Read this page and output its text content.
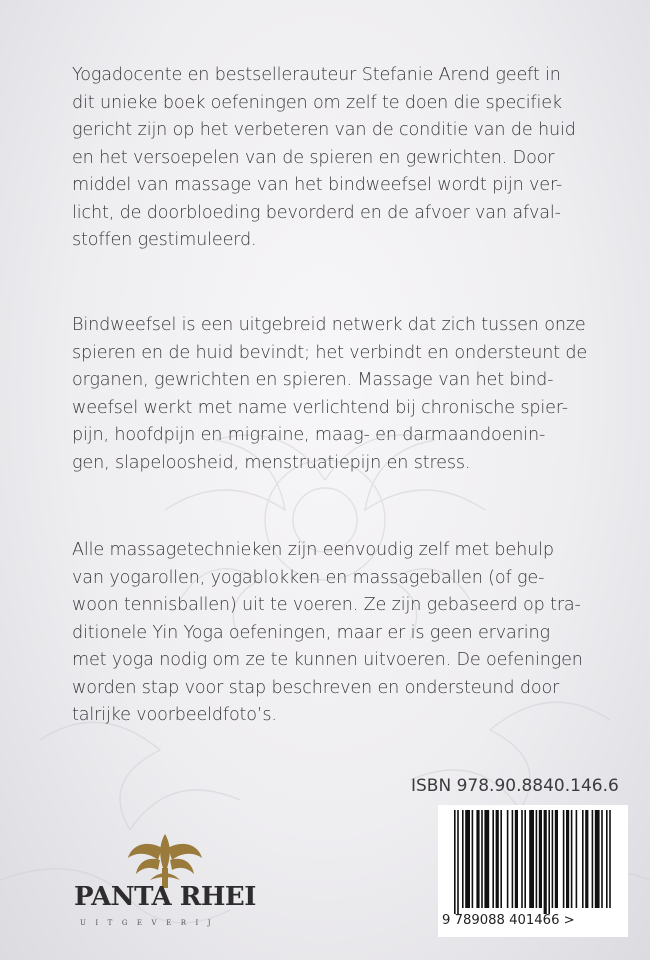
Yogadocente en bestsellerauteur Stefanie Arend geeft in
dit unieke boek oefeningen om zelf te doen die specifiek
gericht zijn op het verbeteren van de conditie van de huid
en het versoepelen van de spieren en gewrichten. Door
middel van massage van het bindweefsel wordt pijn ver-
licht, de doorbloeding bevorderd en de afvoer van afval-
stoffen gestimuleerd.

Bindweefsel is een uitgebreid netwerk dat zich tussen onze
spieren en de huid bevindt; het verbindt en ondersteunt de
organen, gewrichten en spieren. Massage van het bind-
weefsel werkt met name verlichtend bij chronische spier-
pijn, hoofdpijn en migraine, maag- en darmaandoenin-
gen, slapeloosheid, menstruatiepijn en stress.

Alle massagetechnieken zijn eenvoudig zelf met behulp
van yogarollen, yogablokken en massageballen (of ge-
woon tennisballen) uit te voeren. Ze zijn gebaseerd op tra-
ditionele Yin Yoga oefeningen, maar er is geen ervaring
met yoga nodig om ze te kunnen uitvoeren. De oefeningen
worden stap voor stap beschreven en ondersteund door
talrijke voorbeeldfoto’s.

ISBN 978.90.8840.146.6
9 789088 401466 >
PANTA RHEI
UITGEVERIJ
